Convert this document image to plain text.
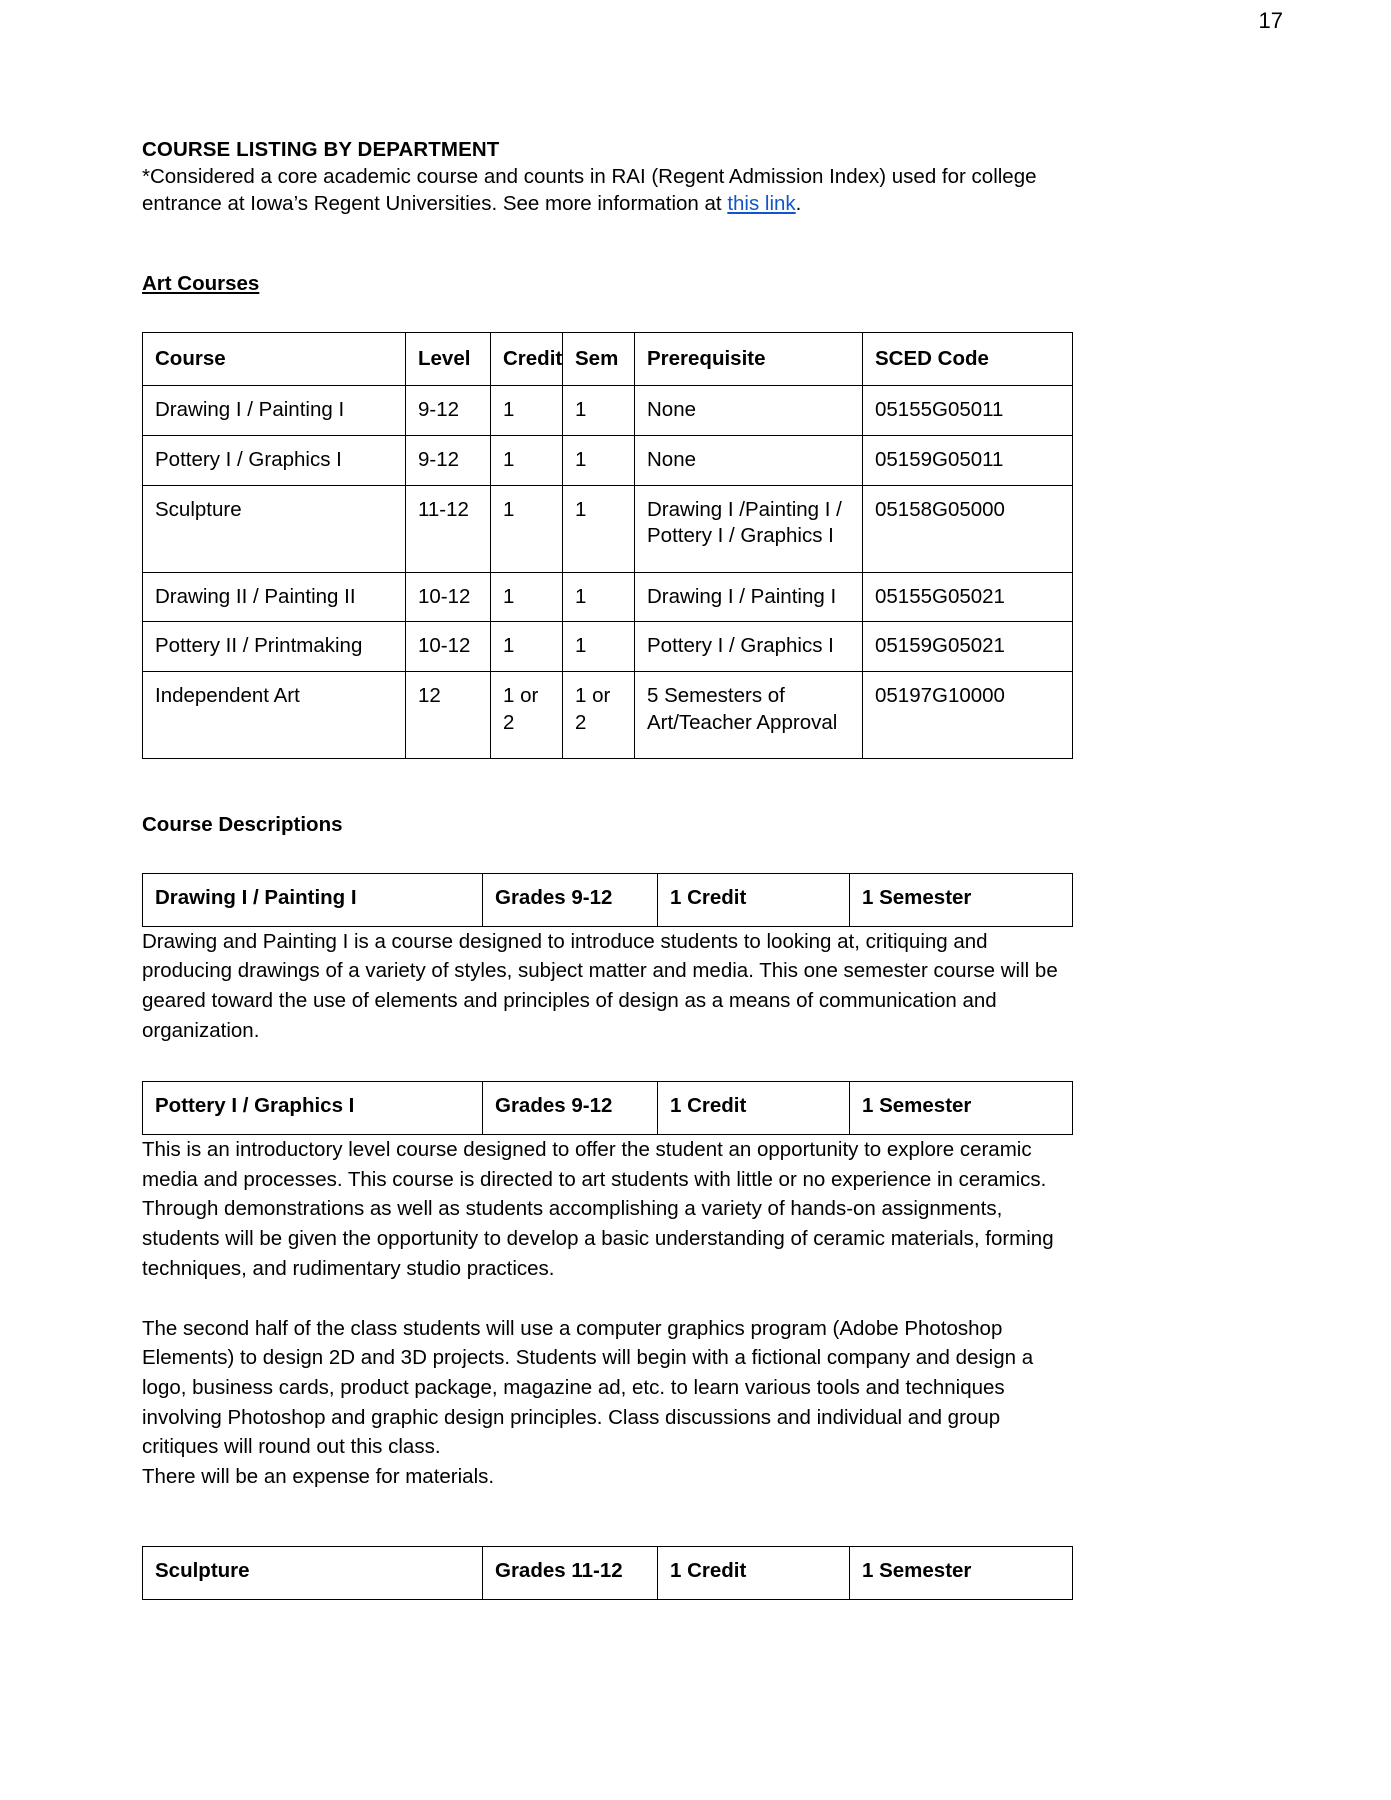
17
COURSE LISTING BY DEPARTMENT

*Considered a core academic course and counts in RAI (Regent Admission Index) used for college entrance at Iowa’s Regent Universities. See more information at this link.

Art Courses
Course	Level	Credit	Sem	Prerequisite	SCED Code
Drawing I / Painting I	9-12	1	1	None	05155G05011
Pottery I / Graphics I	9-12	1	1	None	05159G05011
Sculpture	11-12	1	1	Drawing I /Painting I / Pottery I / Graphics I	05158G05000
Drawing II / Painting II	10-12	1	1	Drawing I / Painting I	05155G05021
Pottery II / Printmaking	10-12	1	1	Pottery I / Graphics I	05159G05021
Independent Art	12	1 or 2	1 or 2	5 Semesters of Art/Teacher Approval	05197G10000
Course Descriptions
Drawing I / Painting I	Grades 9-12	1 Credit	1 Semester

Drawing and Painting I is a course designed to introduce students to looking at, critiquing and producing drawings of a variety of styles, subject matter and media. This one semester course will be geared toward the use of elements and principles of design as a means of communication and organization.

Pottery I / Graphics I	Grades 9-12	1 Credit	1 Semester

This is an introductory level course designed to offer the student an opportunity to explore ceramic media and processes. This course is directed to art students with little or no experience in ceramics. Through demonstrations as well as students accomplishing a variety of hands-on assignments, students will be given the opportunity to develop a basic understanding of ceramic materials, forming techniques, and rudimentary studio practices.

The second half of the class students will use a computer graphics program (Adobe Photoshop Elements) to design 2D and 3D projects. Students will begin with a fictional company and design a logo, business cards, product package, magazine ad, etc. to learn various tools and techniques involving Photoshop and graphic design principles. Class discussions and individual and group critiques will round out this class.

There will be an expense for materials.

Sculpture	Grades 11-12	1 Credit	1 Semester
